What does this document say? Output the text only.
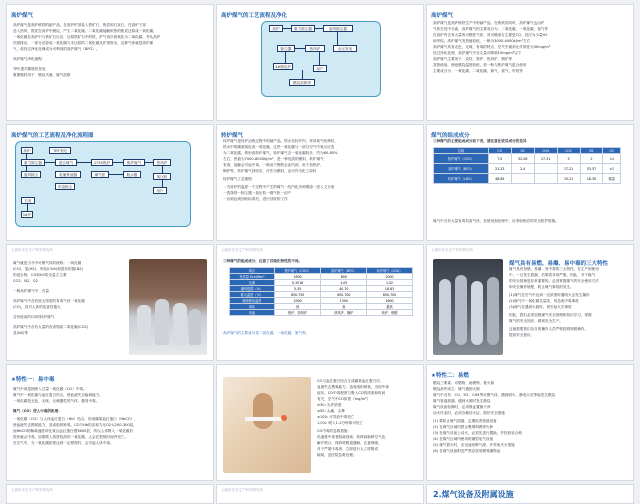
高炉煤气
高炉煤气是高炉炼铁的副产品。在高炉炉顶装入铁矿石、焦炭和石灰石，在高炉下部
送入热风，焦炭在高炉中燃烧，产生二氧化碳。二氧化碳接触炽热的焦炭还原成一氧化碳，
一氧化碳在高炉中与铁矿石反应，还原铁矿石中的铁，炉气再次被氧化为二氧化碳，并从高炉
顶部排出，一部分还原成一氧化碳与未还原的二氧化碳从炉顶排出，这种气体就是高炉煤
气，再经过净化处理成为可利用的高炉煤气（BFG）。
高炉煤气净化流程：
TRT:透平膨胀机发电
重要燃料用于：燃烧灭菌，煤气放散
高炉煤气的工艺流程及净化
高炉	重力除尘器	旋风除尘器
除尘器	热风炉	余压发电
3#燃烧炉	用户
燃烧放散塔
高炉煤气
高炉煤气是高炉炼铁生产中的副产品。在炼铁的同时，高炉煤气也由炉
气体在其中分离，高炉煤气的主要成分为：二氧化碳、一氧化碳、氢气等
在高炉内含有大量的可燃性气体，其可燃成分主要是CO，其次为少量H2
和甲烷。高炉煤气发热值较低，一般为3000-4000kJ/m³左右
高炉煤气具有无色、无味、有毒的特点，空气中最高允许浓度为30mg/m³
经过净化处理，高炉煤气中含尘量可降到10mg/m³以下
高炉煤气主要用于：烧结、焦炉、热风炉、锅炉等
其热值低，理论燃烧温度较低，故一般与焦炉煤气混合使用
主要成分为：一氧化碳、二氧化碳、氮气、氢气、甲烷等
高炉煤气的工艺流程及净化流程图
高炉
重力除尘器
旋风除尘
石灰
3#炉
TRT发电
混合煤气
电捕焦油器
布袋除尘
1750焦炉
煤气柜	脱水器
焦炉煤气	热风炉
加压机
用户
转炉煤气
转炉煤气是转炉冶炼过程中的副产品。铁水在转炉内，采用氧气吹炼时，
铁水中的碳被氧化成一氧化碳，这些一氧化碳与一部分空气中氧反应变
为二氧化碳，即形成转炉煤气。转炉煤气含一氧化碳较多，约为60-80%
左右，热值为7000-8000kJ/m³，是一种优质的燃料，转炉煤气
有毒，接触会引起中毒，一般用于钢铁企业内部，用于加热炉、
锅炉等，转炉煤气回收后，可作为燃料，也可作为化工原料
转炉煤气工艺流程：
一当转炉的温度一个过程中产生的煤气一经汽化冷却烟道一进入文丘里
一洗涤塔一除尘器一加压机一煤气柜一用户
一各到达到回收标准后，进行回收的工作
煤气的组成成分
三种煤气的主要组成成分如下表，请注意比较其成分的差异
名称	CO	H2	CH4	CO2	N2	O2
焦炉煤气（COG）	7.5	52-56	27-31	3	2	<1
高炉煤气（BFG）	21-23	2-4		17-21	53-57	<1
转炉煤气（LDG）	48-65			15-21	18-30	微量
煤气中含有大量有毒有害气体，在使用和处理中，应采取相应的安全防护措施。
上海市安全生产科学研究所
煤气就是当今中可燃气体的统称：一氧化碳
(CO)、氢(H2)、甲烷(CH4)和混有的氮(N2)
的混合物，CO和H2的含量占主要
CO2、N2、O2
一般高炉煤气中：含量
高炉煤气中含有较大浓度的有毒气体一氧化碳
(CO)，其对人体的危害性极大
含有较高的CO的转炉煤气
高炉煤气中含有大量的有害物质二氧化碳(CO2)
及(N2)等
上海市安全生产科学研究所
三种煤气的组成成分，注意了其理化特性的不同。
项目	焦炉煤气（COG）	高炉煤气（BFG）	转炉煤气（LDG）
发热量 Kcal/Nm³	4500	800	2000
比重	0.3518	1.05	1.02
爆炸极限（%）	5-35	40-70	18-83
着火温度（℃）	650-750	650-700	650-700
理论燃烧温度	2000	1300	1600
毒性	低	高	最高
用途	焦炉、热风炉	热风炉、锅炉	转炉、炼钢
高炉煤气的主要成分是二氧化碳，一氧化碳，氮气等。
上海市安全生产科学研究所
煤气具有易燃、易爆、易中毒的三大特性
煤气具有易燃、易爆、易中毒的三大特性，在生产和使用
中，一旦发生泄漏，后果将非常严重，因此，对于煤气
的安全管理是非常重要的。必须掌握煤气的安全使用方法
和安全操作规程，防止煤气事故的发生。
(1)煤气在空气中达到一定浓度时遇明火会发生爆炸
(2)煤气中一氧化碳含量高，易造成中毒事故
(3)煤气在遇到火源时，易引起火灾事故
因此，我们必须加强煤气安全管理和知识学习，掌握
煤气的安全知识，做到安全生产。
这就需要我们各自的操作人员严格按照规程操作，
提高安全意识。
★特性一：易中毒
煤气中毒是指吸入过量一氧化碳（CO）中毒。
煤气中一氧化碳与血红蛋白结合，使血液失去输氧能力。
一氧化碳是无色、无味、无刺激性的气体，极易中毒。
煤气（CO）侵入中毒的机理：
一氧化碳（CO）与人体血红蛋白（Hb）结合，形成碳氧血红蛋白（HbCO），
使血液失去携氧能力，造成组织缺氧。CO与Hb的亲和力比O2大200-300倍，
而HbCO的解离速度却比氧合血红蛋白慢3600倍，所以人体吸入一氧化碳后
很快就会中毒。如果吸入浓度较高的一氧化碳，人会在很短时间内死亡。
在空气中，当一氧化碳浓度达到一定程度时，会引起人体中毒。
CO与血红蛋白结合生成碳氧血红蛋白后，
血液失去携氧能力，造成组织缺氧，出现中毒
症状。CO中毒程度与吸入CO的浓度和时间
有关，空气中CO浓度（mg/m³）
≥30: 允许浓度
≥50: 头痛，头晕
≥100: 可导致中毒死亡
1.0%: 吸入1-2分钟即可死亡
CO中毒的急救措施：
迅速将中毒者脱离现场，转移到新鲜空气处，
解开领口，保持呼吸道通畅，注意保暖，
对于严重中毒者，立即进行人工呼吸或
输氧，送医院急救处理。
★特性二：易燃
燃烧三要素：可燃物、助燃物、着火源
燃烧条件成立：煤气遇到火源
煤气中含有：CO、H2、CH4等可燃气体，遇到明火、静电火花等能发生燃烧
煤气管道泄漏，遇到火源时发生燃烧
煤气设备检修时，必须保证置换干净
动火作业时，必须办理动火证，做好安全措施
(1) 要防止煤气泄漏，定期检查管道设备
(2) 在煤气区域内禁止吸烟和携带火种
(3) 在煤气设备上动火，必须先进行置换，并经检验合格
(4) 在煤气区域内使用防爆型电气设备
(5) 煤气着火时，应迅速切断气源，并采取灭火措施
(6) 在煤气设备附近严禁存放易燃易爆物品
上海市安全生产科学研究所	上海市安全生产科学研究所	2.煤气设备及附属设施
